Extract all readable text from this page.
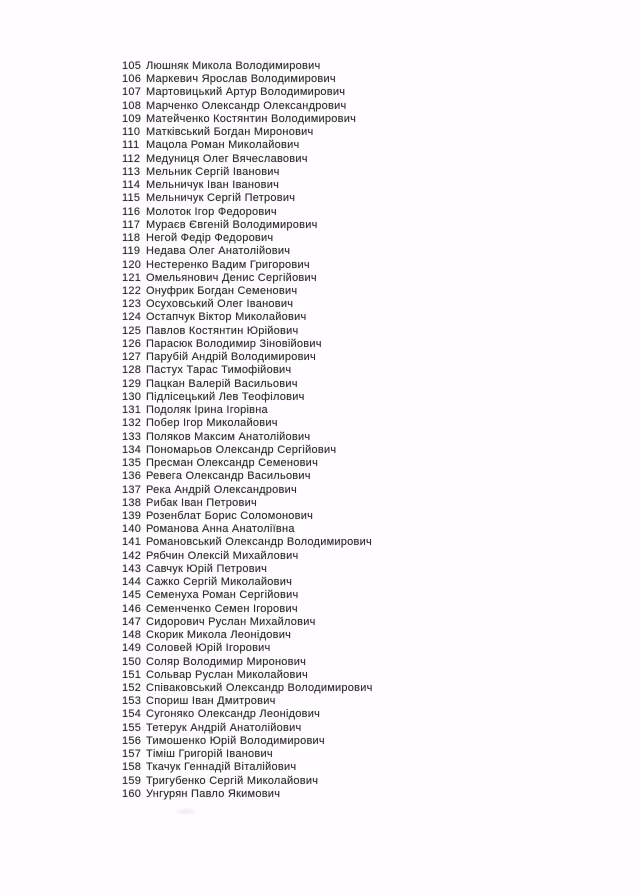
105 Люшняк Микола Володимирович
106 Маркевич Ярослав Володимирович
107 Мартовицький Артур Володимирович
108 Марченко Олександр Олександрович
109 Матейченко Костянтин Володимирович
110 Матківський Богдан Миронович
111 Мацола Роман Миколайович
112 Медуниця Олег Вячеславович
113 Мельник Сергій Іванович
114 Мельничук Іван Іванович
115 Мельничук Сергій Петрович
116 Молоток Ігор Федорович
117 Мураєв Євгеній Володимирович
118 Негой Федір Федорович
119 Недава Олег Анатолійович
120 Нестеренко Вадим Григорович
121 Омельянович Денис Сергійович
122 Онуфрик Богдан Семенович
123 Осуховський Олег Іванович
124 Остапчук Віктор Миколайович
125 Павлов Костянтин Юрійович
126 Парасюк Володимир Зіновійович
127 Парубій Андрій Володимирович
128 Пастух Тарас Тимофійович
129 Пацкан Валерій Васильович
130 Підлісецький Лев Теофілович
131 Подоляк Ірина Ігорівна
132 Побер Ігор Миколайович
133 Поляков Максим Анатолійович
134 Пономарьов Олександр Сергійович
135 Пресман Олександр Семенович
136 Ревега Олександр Васильович
137 Река Андрій Олександрович
138 Рибак Іван Петрович
139 Розенблат Борис Соломонович
140 Романова Анна Анатоліївна
141 Романовський Олександр Володимирович
142 Рябчин Олексій Михайлович
143 Савчук Юрій Петрович
144 Сажко Сергій Миколайович
145 Семенуха Роман Сергійович
146 Семенченко Семен Ігорович
147 Сидорович Руслан Михайлович
148 Скорик Микола Леонідович
149 Соловей Юрій Ігорович
150 Соляр Володимир Миронович
151 Сольвар Руслан Миколайович
152 Співаковський Олександр Володимирович
153 Спориш Іван Дмитрович
154 Сугоняко Олександр Леонідович
155 Тетерук Андрій Анатолійович
156 Тимошенко Юрій Володимирович
157 Тіміш Григорій Іванович
158 Ткачук Геннадій Віталійович
159 Тригубенко Сергій Миколайович
160 Унгурян Павло Якимович
